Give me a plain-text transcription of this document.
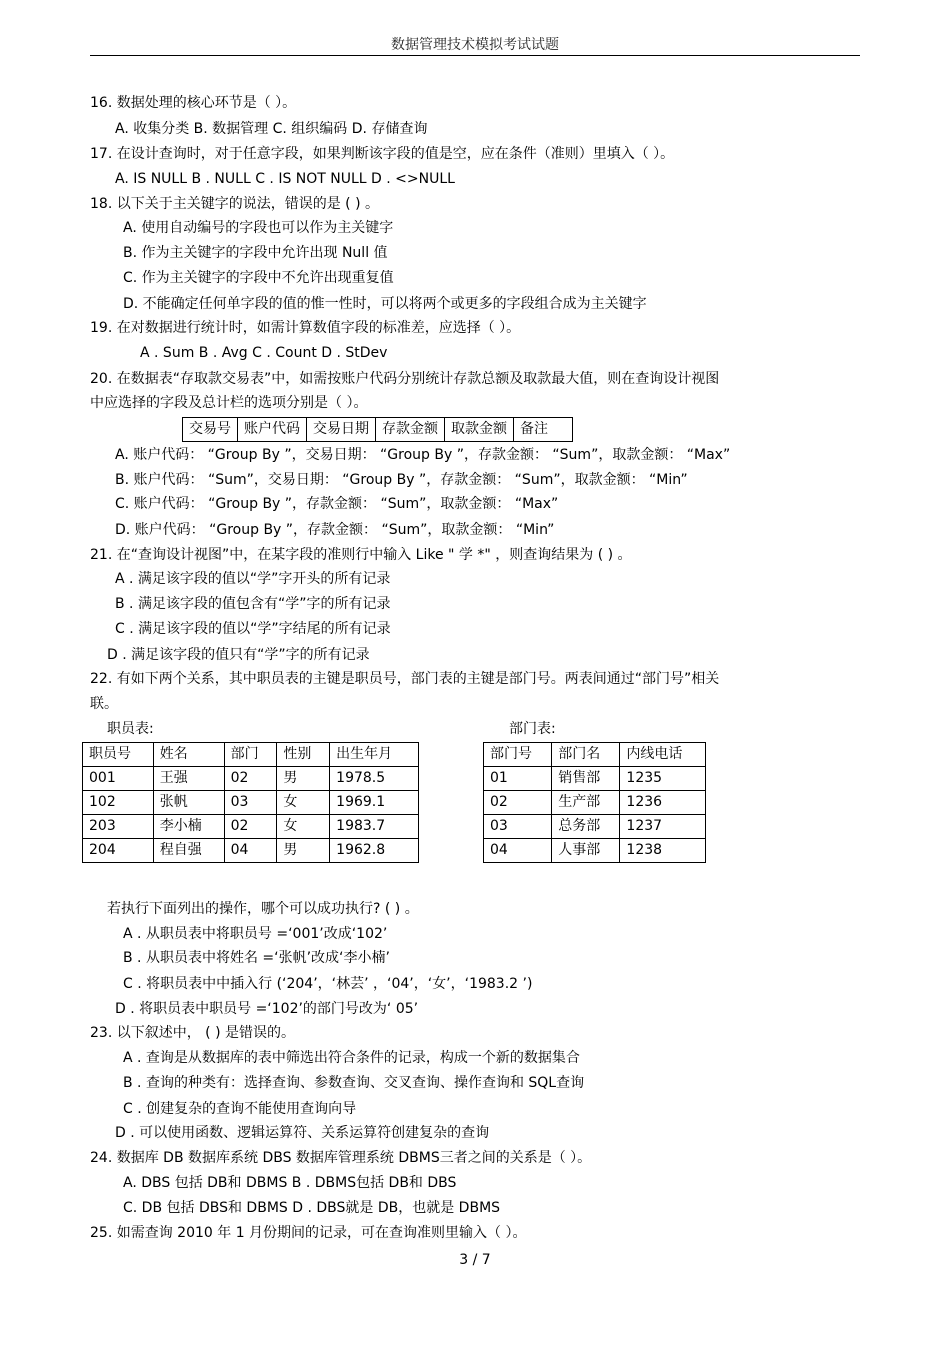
数据管理技术模拟考试试题
16. 数据处理的核心环节是（ ）。
A. 收集分类 B. 数据管理 C. 组织编码 D. 存储查询
17. 在设计查询时，对于任意字段，如果判断该字段的值是空，应在条件（准则）里填入（ ）。
A. IS NULL B . NULL C . IS NOT NULL D . <>NULL
18. 以下关于主关键字的说法，错误的是 ( ) 。
A. 使用自动编号的字段也可以作为主关键字
B. 作为主关键字的字段中允许出现 Null 值
C. 作为主关键字的字段中不允许出现重复值
D. 不能确定任何单字段的值的惟一性时，可以将两个或更多的字段组合成为主关键字
19. 在对数据进行统计时，如需计算数值字段的标准差，应选择（ ）。
A . Sum B . Avg C . Count D . StDev
20. 在数据表“存取款交易表”中，如需按账户代码分别统计存款总额及取款最大值，则在查询设计视图
中应选择的字段及总计栏的选项分别是（ ）。
交易号	账户代码	交易日期	存款金额	取款金额	备注
A. 账户代码： “Group By ”，交易日期： “Group By ”，存款金额： “Sum”，取款金额： “Max”
B. 账户代码： “Sum”，交易日期： “Group By ”，存款金额： “Sum”，取款金额： “Min”
C. 账户代码： “Group By ”，存款金额： “Sum”，取款金额： “Max”
D. 账户代码： “Group By ”，存款金额： “Sum”，取款金额： “Min”
21. 在“查询设计视图”中，在某字段的准则行中输入 Like " 学 *" ，则查询结果为 ( ) 。
A . 满足该字段的值以“学”字开头的所有记录
B . 满足该字段的值包含有“学”字的所有记录
C . 满足该字段的值以“学”字结尾的所有记录
D . 满足该字段的值只有“学”字的所有记录
22. 有如下两个关系，其中职员表的主键是职员号，部门表的主键是部门号。两表间通过“部门号”相关
联。
职员表:	部门表:
职员号	姓名	部门	性别	出生年月
001	王强	02	男	1978.5
102	张帆	03	女	1969.1
203	李小楠	02	女	1983.7
204	程自强	04	男	1962.8
部门号	部门名	内线电话
01	销售部	1235
02	生产部	1236
03	总务部	1237
04	人事部	1238
若执行下面列出的操作，哪个可以成功执行? ( ) 。
A . 从职员表中将职员号 =‘001’改成‘102’
B . 从职员表中将姓名 =‘张帆’改成‘李小楠’
C . 将职员表中中插入行 (‘204’，‘林芸’ ，‘04’，‘女’，‘1983.2 ’)
D . 将职员表中职员号 =‘102’的部门号改为‘ 05’
23. 以下叙述中， ( ) 是错误的。
A . 查询是从数据库的表中筛选出符合条件的记录，构成一个新的数据集合
B . 查询的种类有：选择查询、参数查询、交叉查询、操作查询和 SQL查询
C . 创建复杂的查询不能使用查询向导
D . 可以使用函数、逻辑运算符、关系运算符创建复杂的查询
24. 数据库 DB 数据库系统 DBS 数据库管理系统 DBMS三者之间的关系是（ ）。
A. DBS 包括 DB和 DBMS B . DBMS包括 DB和 DBS
C. DB 包括 DBS和 DBMS D . DBS就是 DB，也就是 DBMS
25. 如需查询 2010 年 1 月份期间的记录，可在查询准则里输入（ ）。
3 / 7
